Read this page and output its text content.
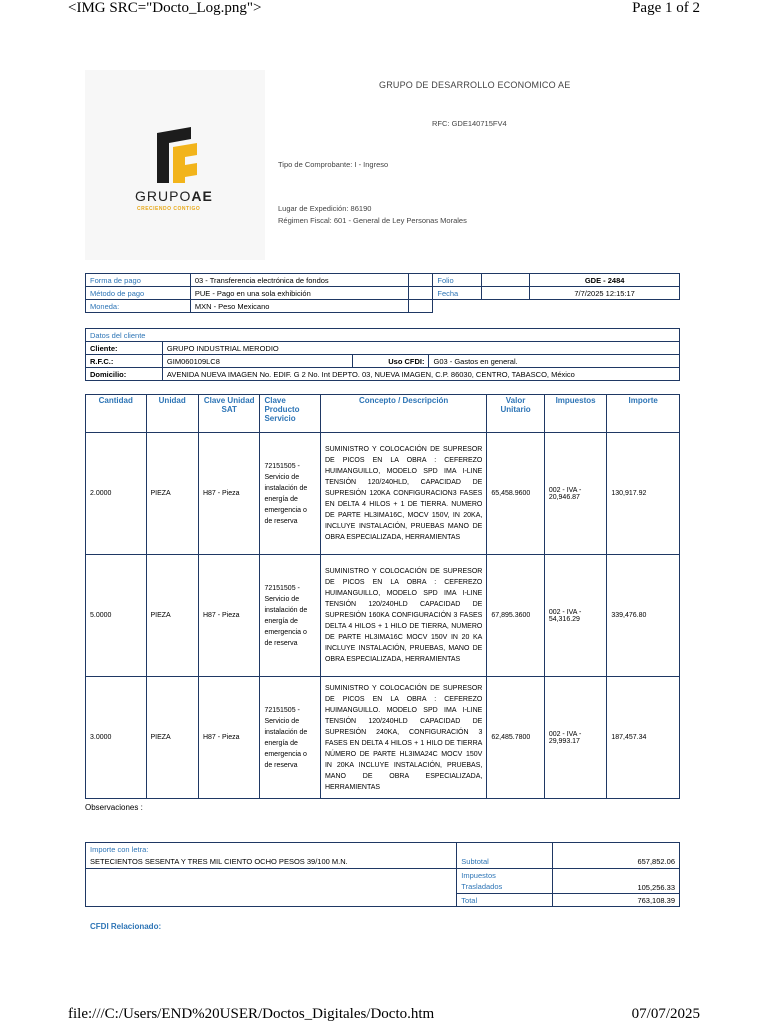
<IMG SRC="Docto_Log.png">	Page 1 of 2
GRUPOAE
CRECIENDO CONTIGO
GRUPO DE DESARROLLO ECONOMICO AE
RFC: GDE140715FV4
Tipo de Comprobante: I - Ingreso
Lugar de Expedición: 86190
Régimen Fiscal: 601 - General de Ley Personas Morales
Forma de pago	03 - Transferencia electrónica de fondos		Folio		GDE - 2484
Método de pago	PUE - Pago en una sola exhibición		Fecha		7/7/2025 12:15:17
Moneda:	MXN - Peso Mexicano				
Datos del cliente			
Cliente:	GRUPO INDUSTRIAL MERODIO		
R.F.C.:	GIM060109LC8	Uso CFDI:	G03 - Gastos en general.
Domicilio:	AVENIDA NUEVA IMAGEN No. EDIF. G 2 No. Int DEPTO. 03, NUEVA IMAGEN, C.P. 86030, CENTRO, TABASCO, México		
Cantidad	Unidad	Clave Unidad SAT	Clave Producto Servicio	Concepto / Descripción	Valor Unitario	Impuestos	Importe
2.0000	PIEZA	H87 - Pieza	72151505 - Servicio de instalación de energía de emergencia o de reserva	SUMINISTRO Y COLOCACIÓN DE SUPRESOR DE PICOS EN LA OBRA : CEFEREZO HUIMANGUILLO, MODELO SPD IMA I-LINE TENSIÓN 120/240HLD, CAPACIDAD DE SUPRESIÓN 120KA CONFIGURACION3 FASES EN DELTA 4 HILOS + 1 DE TIERRA. NUMERO DE PARTE HL3IMA16C, MOCV 150V, IN 20KA, INCLUYE INSTALACIÓN, PRUEBAS MANO DE OBRA ESPECIALIZADA, HERRAMIENTAS	65,458.9600	002 - IVA - 20,946.87	130,917.92
5.0000	PIEZA	H87 - Pieza	72151505 - Servicio de instalación de energía de emergencia o de reserva	SUMINISTRO Y COLOCACIÓN DE SUPRESOR DE PICOS EN LA OBRA : CEFEREZO HUIMANGUILLO, MODELO SPD IMA I-LINE TENSIÓN 120/240HLD CAPACIDAD DE SUPRESIÓN 160KA CONFIGURACIÓN 3 FASES DELTA 4 HILOS + 1 HILO DE TIERRA, NUMERO DE PARTE HL3IMA16C MOCV 150V IN 20 KA INCLUYE INSTALACIÓN, PRUEBAS, MANO DE OBRA ESPECIALIZADA, HERRAMIENTAS	67,895.3600	002 - IVA - 54,316.29	339,476.80
3.0000	PIEZA	H87 - Pieza	72151505 - Servicio de instalación de energía de emergencia o de reserva	SUMINISTRO Y COLOCACIÓN DE SUPRESOR DE PICOS EN LA OBRA : CEFEREZO HUIMANGUILLO. MODELO SPD IMA I-LINE TENSIÓN 120/240HLD CAPACIDAD DE SUPRESIÓN 240KA, CONFIGURACIÓN 3 FASES EN DELTA 4 HILOS + 1 HILO DE TIERRA NÚMERO DE PARTE HL3IMA24C MOCV 150V IN 20KA INCLUYE INSTALACIÓN, PRUEBAS, MANO DE OBRA ESPECIALIZADA, HERRAMIENTAS	62,485.7800	002 - IVA - 29,993.17	187,457.34
Observaciones :
Importe con letra:		
SETECIENTOS SESENTA Y TRES MIL CIENTO OCHO PESOS 39/100 M.N.	Subtotal	657,852.06
	Impuestos
Trasladados	105,256.33
	Total	763,108.39
CFDI Relacionado:
file:///C:/Users/END%20USER/Doctos_Digitales/Docto.htm	07/07/2025
